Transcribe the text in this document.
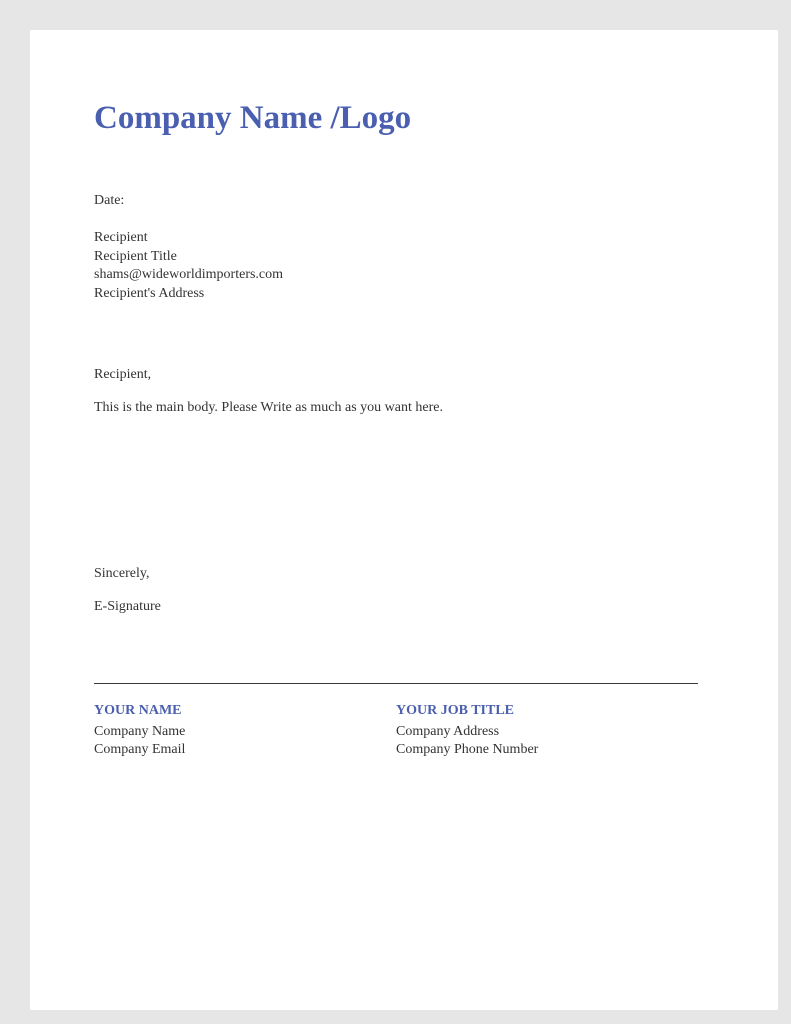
Company Name /Logo
Date:
Recipient
Recipient Title
shams@wideworldimporters.com
Recipient's Address
Recipient,
This is the main body. Please Write as much as you want here.
Sincerely,
E-Signature
YOUR NAME
Company Name
Company Email
YOUR JOB TITLE
Company Address
Company Phone Number
